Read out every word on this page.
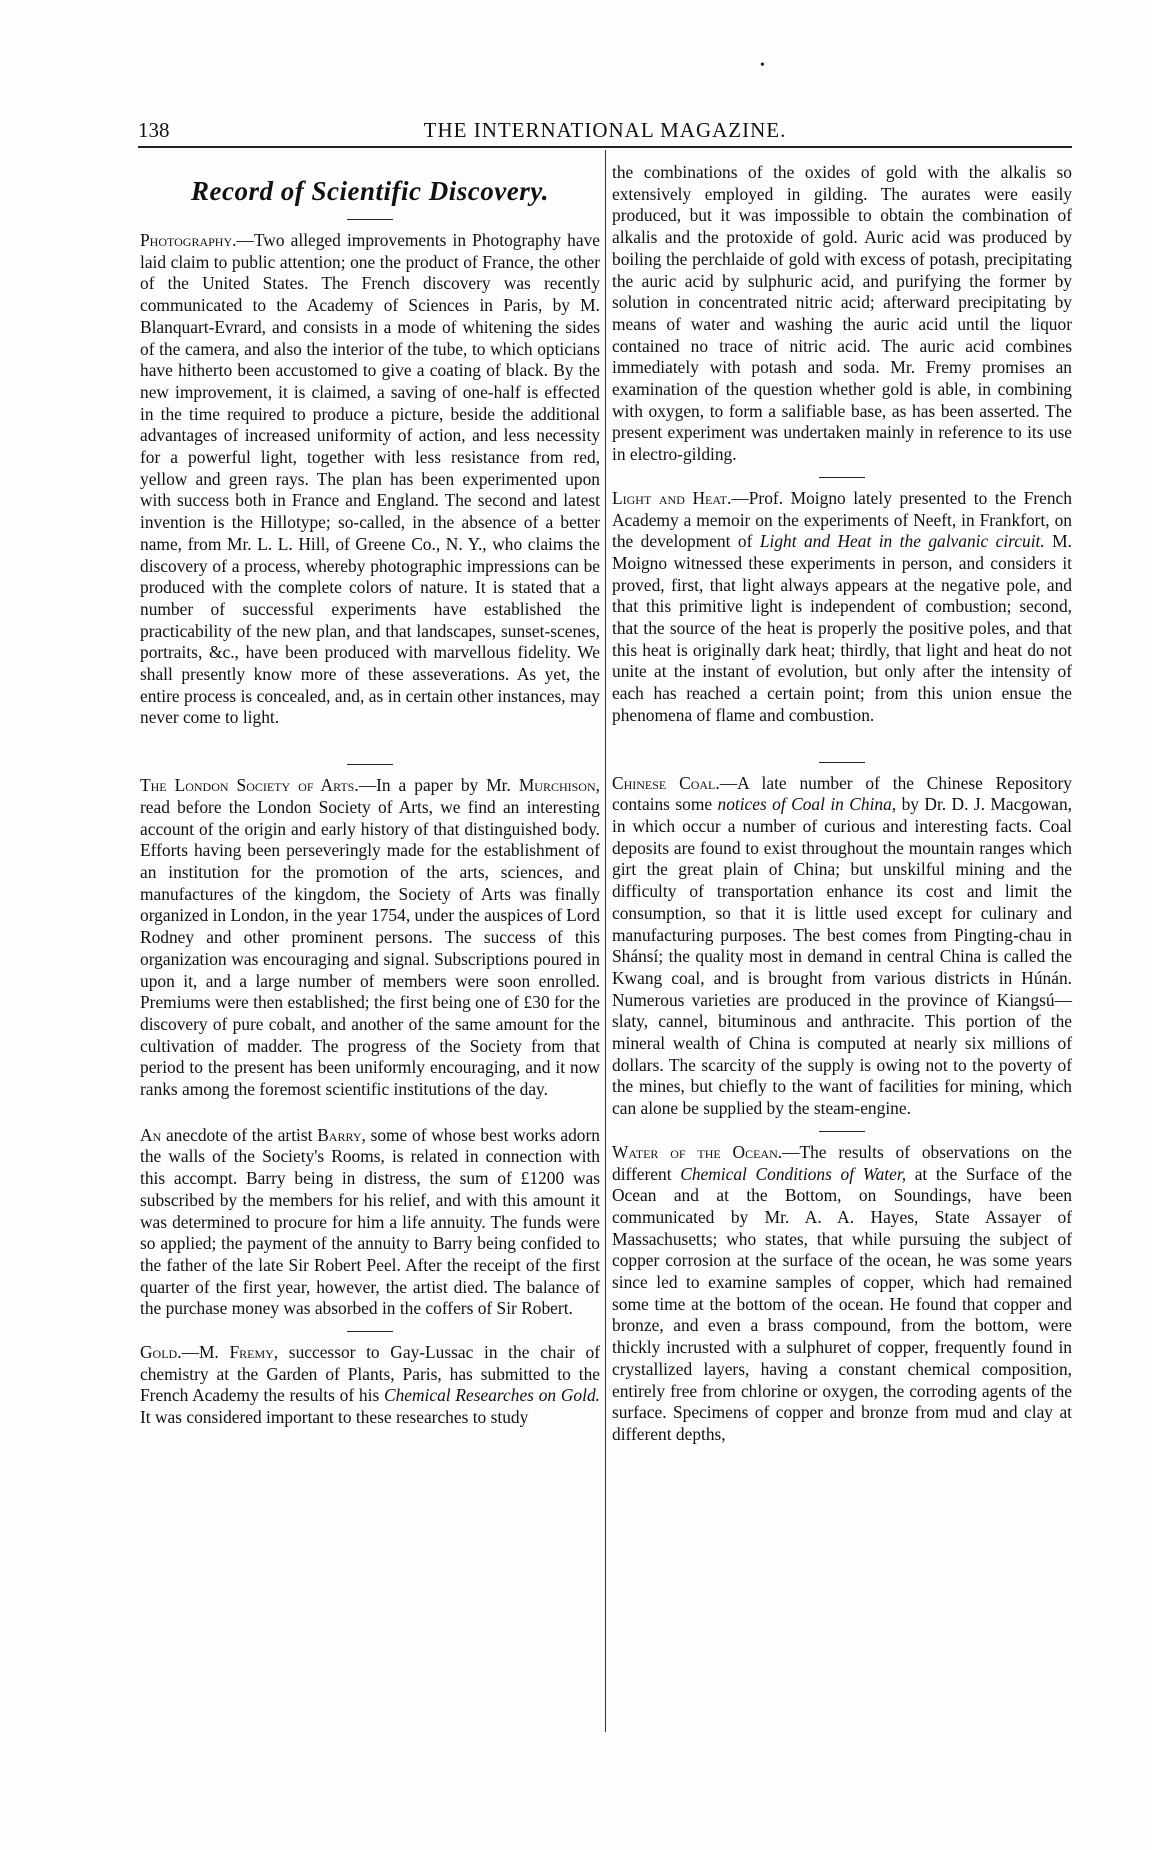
•
138	THE INTERNATIONAL MAGAZINE.
Record of Scientific Discovery.

Photography.—Two alleged improvements in Photography have laid claim to public attention; one the product of France, the other of the United States. The French discovery was recently communicated to the Academy of Sciences in Paris, by M. Blanquart-Evrard, and consists in a mode of whitening the sides of the camera, and also the interior of the tube, to which opticians have hitherto been accustomed to give a coating of black. By the new improvement, it is claimed, a saving of one-half is effected in the time required to produce a picture, beside the additional advantages of increased uniformity of action, and less necessity for a powerful light, together with less resistance from red, yellow and green rays. The plan has been experimented upon with success both in France and England. The second and latest invention is the Hillotype; so-called, in the absence of a better name, from Mr. L. L. Hill, of Greene Co., N. Y., who claims the discovery of a process, whereby photographic impressions can be produced with the complete colors of nature. It is stated that a number of successful experiments have established the practicability of the new plan, and that landscapes, sunset-scenes, portraits, &c., have been produced with marvellous fidelity. We shall presently know more of these asseverations. As yet, the entire process is concealed, and, as in certain other instances, may never come to light.

The London Society of Arts.—In a paper by Mr. Murchison, read before the London Society of Arts, we find an interesting account of the origin and early history of that distinguished body. Efforts having been perseveringly made for the establishment of an institution for the promotion of the arts, sciences, and manufactures of the kingdom, the Society of Arts was finally organized in London, in the year 1754, under the auspices of Lord Rodney and other prominent persons. The success of this organization was encouraging and signal. Subscriptions poured in upon it, and a large number of members were soon enrolled. Premiums were then established; the first being one of £30 for the discovery of pure cobalt, and another of the same amount for the cultivation of madder. The progress of the Society from that period to the present has been uniformly encouraging, and it now ranks among the foremost scientific institutions of the day.

An anecdote of the artist Barry, some of whose best works adorn the walls of the Society's Rooms, is related in connection with this accompt. Barry being in distress, the sum of £1200 was subscribed by the members for his relief, and with this amount it was determined to procure for him a life annuity. The funds were so applied; the payment of the annuity to Barry being confided to the father of the late Sir Robert Peel. After the receipt of the first quarter of the first year, however, the artist died. The balance of the purchase money was absorbed in the coffers of Sir Robert.

Gold.—M. Fremy, successor to Gay-Lussac in the chair of chemistry at the Garden of Plants, Paris, has submitted to the French Academy the results of his Chemical Researches on Gold. It was considered important to these researches to study

the combinations of the oxides of gold with the alkalis so extensively employed in gilding. The aurates were easily produced, but it was impossible to obtain the combination of alkalis and the protoxide of gold. Auric acid was produced by boiling the perchlaide of gold with excess of potash, precipitating the auric acid by sulphuric acid, and purifying the former by solution in concentrated nitric acid; afterward precipitating by means of water and washing the auric acid until the liquor contained no trace of nitric acid. The auric acid combines immediately with potash and soda. Mr. Fremy promises an examination of the question whether gold is able, in combining with oxygen, to form a salifiable base, as has been asserted. The present experiment was undertaken mainly in reference to its use in electro-gilding.

Light and Heat.—Prof. Moigno lately presented to the French Academy a memoir on the experiments of Neeft, in Frankfort, on the development of Light and Heat in the galvanic circuit. M. Moigno witnessed these experiments in person, and considers it proved, first, that light always appears at the negative pole, and that this primitive light is independent of combustion; second, that the source of the heat is properly the positive poles, and that this heat is originally dark heat; thirdly, that light and heat do not unite at the instant of evolution, but only after the intensity of each has reached a certain point; from this union ensue the phenomena of flame and combustion.

Chinese Coal.—A late number of the Chinese Repository contains some notices of Coal in China, by Dr. D. J. Macgowan, in which occur a number of curious and interesting facts. Coal deposits are found to exist throughout the mountain ranges which girt the great plain of China; but unskilful mining and the difficulty of transportation enhance its cost and limit the consumption, so that it is little used except for culinary and manufacturing purposes. The best comes from Pingting-chau in Shánsí; the quality most in demand in central China is called the Kwang coal, and is brought from various districts in Húnán. Numerous varieties are produced in the province of Kiangsú—slaty, cannel, bituminous and anthracite. This portion of the mineral wealth of China is computed at nearly six millions of dollars. The scarcity of the supply is owing not to the poverty of the mines, but chiefly to the want of facilities for mining, which can alone be supplied by the steam-engine.

Water of the Ocean.—The results of observations on the different Chemical Conditions of Water, at the Surface of the Ocean and at the Bottom, on Soundings, have been communicated by Mr. A. A. Hayes, State Assayer of Massachusetts; who states, that while pursuing the subject of copper corrosion at the surface of the ocean, he was some years since led to examine samples of copper, which had remained some time at the bottom of the ocean. He found that copper and bronze, and even a brass compound, from the bottom, were thickly incrusted with a sulphuret of copper, frequently found in crystallized layers, having a constant chemical composition, entirely free from chlorine or oxygen, the corroding agents of the surface. Specimens of copper and bronze from mud and clay at different depths,
